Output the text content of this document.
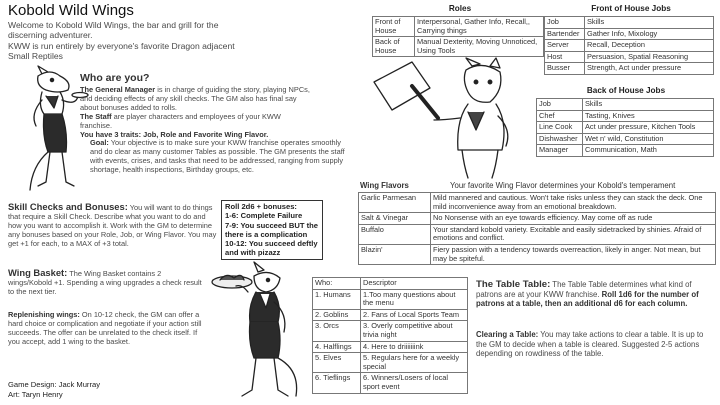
Kobold Wild Wings
Welcome to Kobold Wild Wings, the bar and grill for the
discerning adventurer.
KWW is run entirely by everyone's favorite Dragon adjacent
Small Reptiles
Who are you?

The General Manager is in charge of guiding the story, playing NPCs, and deciding effects of any skill checks. The GM also has final say about bonuses added to rolls.

The Staff are player characters and employees of your KWW franchise.
You have 3 traits: Job, Role and Favorite Wing Flavor.

Goal: Your objective is to make sure your KWW franchise operates smoothly and do clear as many customer Tables as possible. The GM presents the staff with events, crises, and tasks that need to be addressed, ranging from supply shortage, health inspections, Birthday groups, etc.

Skill Checks and Bonuses: You will want to do things that require a Skill Check. Describe what you want to do and how you want to accomplish it. Work with the GM to determine any bonuses based on your Role, Job, or Wing Flavor. You may get +1 for each, to a MAX of +3 total.

Roll 2d6 + bonuses:
1-6: Complete Failure
7-9: You succeed BUT the
there is a complication
10-12: You succeed deftly
and with pizazz

Wing Basket: The Wing Basket contains 2 wings/Kobold +1. Spending a wing upgrades a check result to the next tier.

Replenishing wings: On 10-12 check, the GM can offer a hard choice or complication and negotiate if your action still succeeds. The offer can be unrelated to the check itself. If you accept, add 1 wing to the basket.

Game Design: Jack Murray
Art: Taryn Henry
Roles
Front of House	Interpersonal, Gather Info, Recall,, Carrying things
Back of House	Manual Dexterity, Moving Unnoticed, Using Tools
Front of House Jobs
Job	Skills
Bartender	Gather Info, Mixology
Server	Recall, Deception
Host	Persuasion, Spatial Reasoning
Busser	Strength, Act under pressure
Back of House Jobs
Job	Skills
Chef	Tasting, Knives
Line Cook	Act under pressure, Kitchen Tools
Dishwasher	Wet n' wild, Constitution
Manager	Communication, Math
Wing Flavors	Your favorite Wing Flavor determines your Kobold's temperament
Garlic Parmesan	Mild mannered and cautious. Won't take risks unless they can stack the deck. One mild inconvenience away from an emotional breakdown.
Salt & Vinegar	No Nonsense with an eye towards efficiency. May come off as rude
Buffalo	Your standard kobold variety. Excitable and easily sidetracked by shinies. Afraid of emotions and conflict.
Blazin'	Fiery passion with a tendency towards overreaction, likely in anger. Not mean, but may be spiteful.
Who:	Descriptor
1. Humans	1.Too many questions about the menu
2. Goblins	2. Fans of Local Sports Team
3. Orcs	3. Overly competitive about trivia night
4. Halflings	4. Here to driiiiiiink
5. Elves	5. Regulars here for a weekly special
6. Tieflings	6. Winners/Losers of local sport event

The Table Table: The Table Table determines what kind of patrons are at your KWW franchise. Roll 1d6 for the number of patrons at a table, then an additional d6 for each column.

Clearing a Table: You may take actions to clear a table. It is up to the GM to decide when a table is cleared. Suggested 2-5 actions depending on rowdiness of the table.
